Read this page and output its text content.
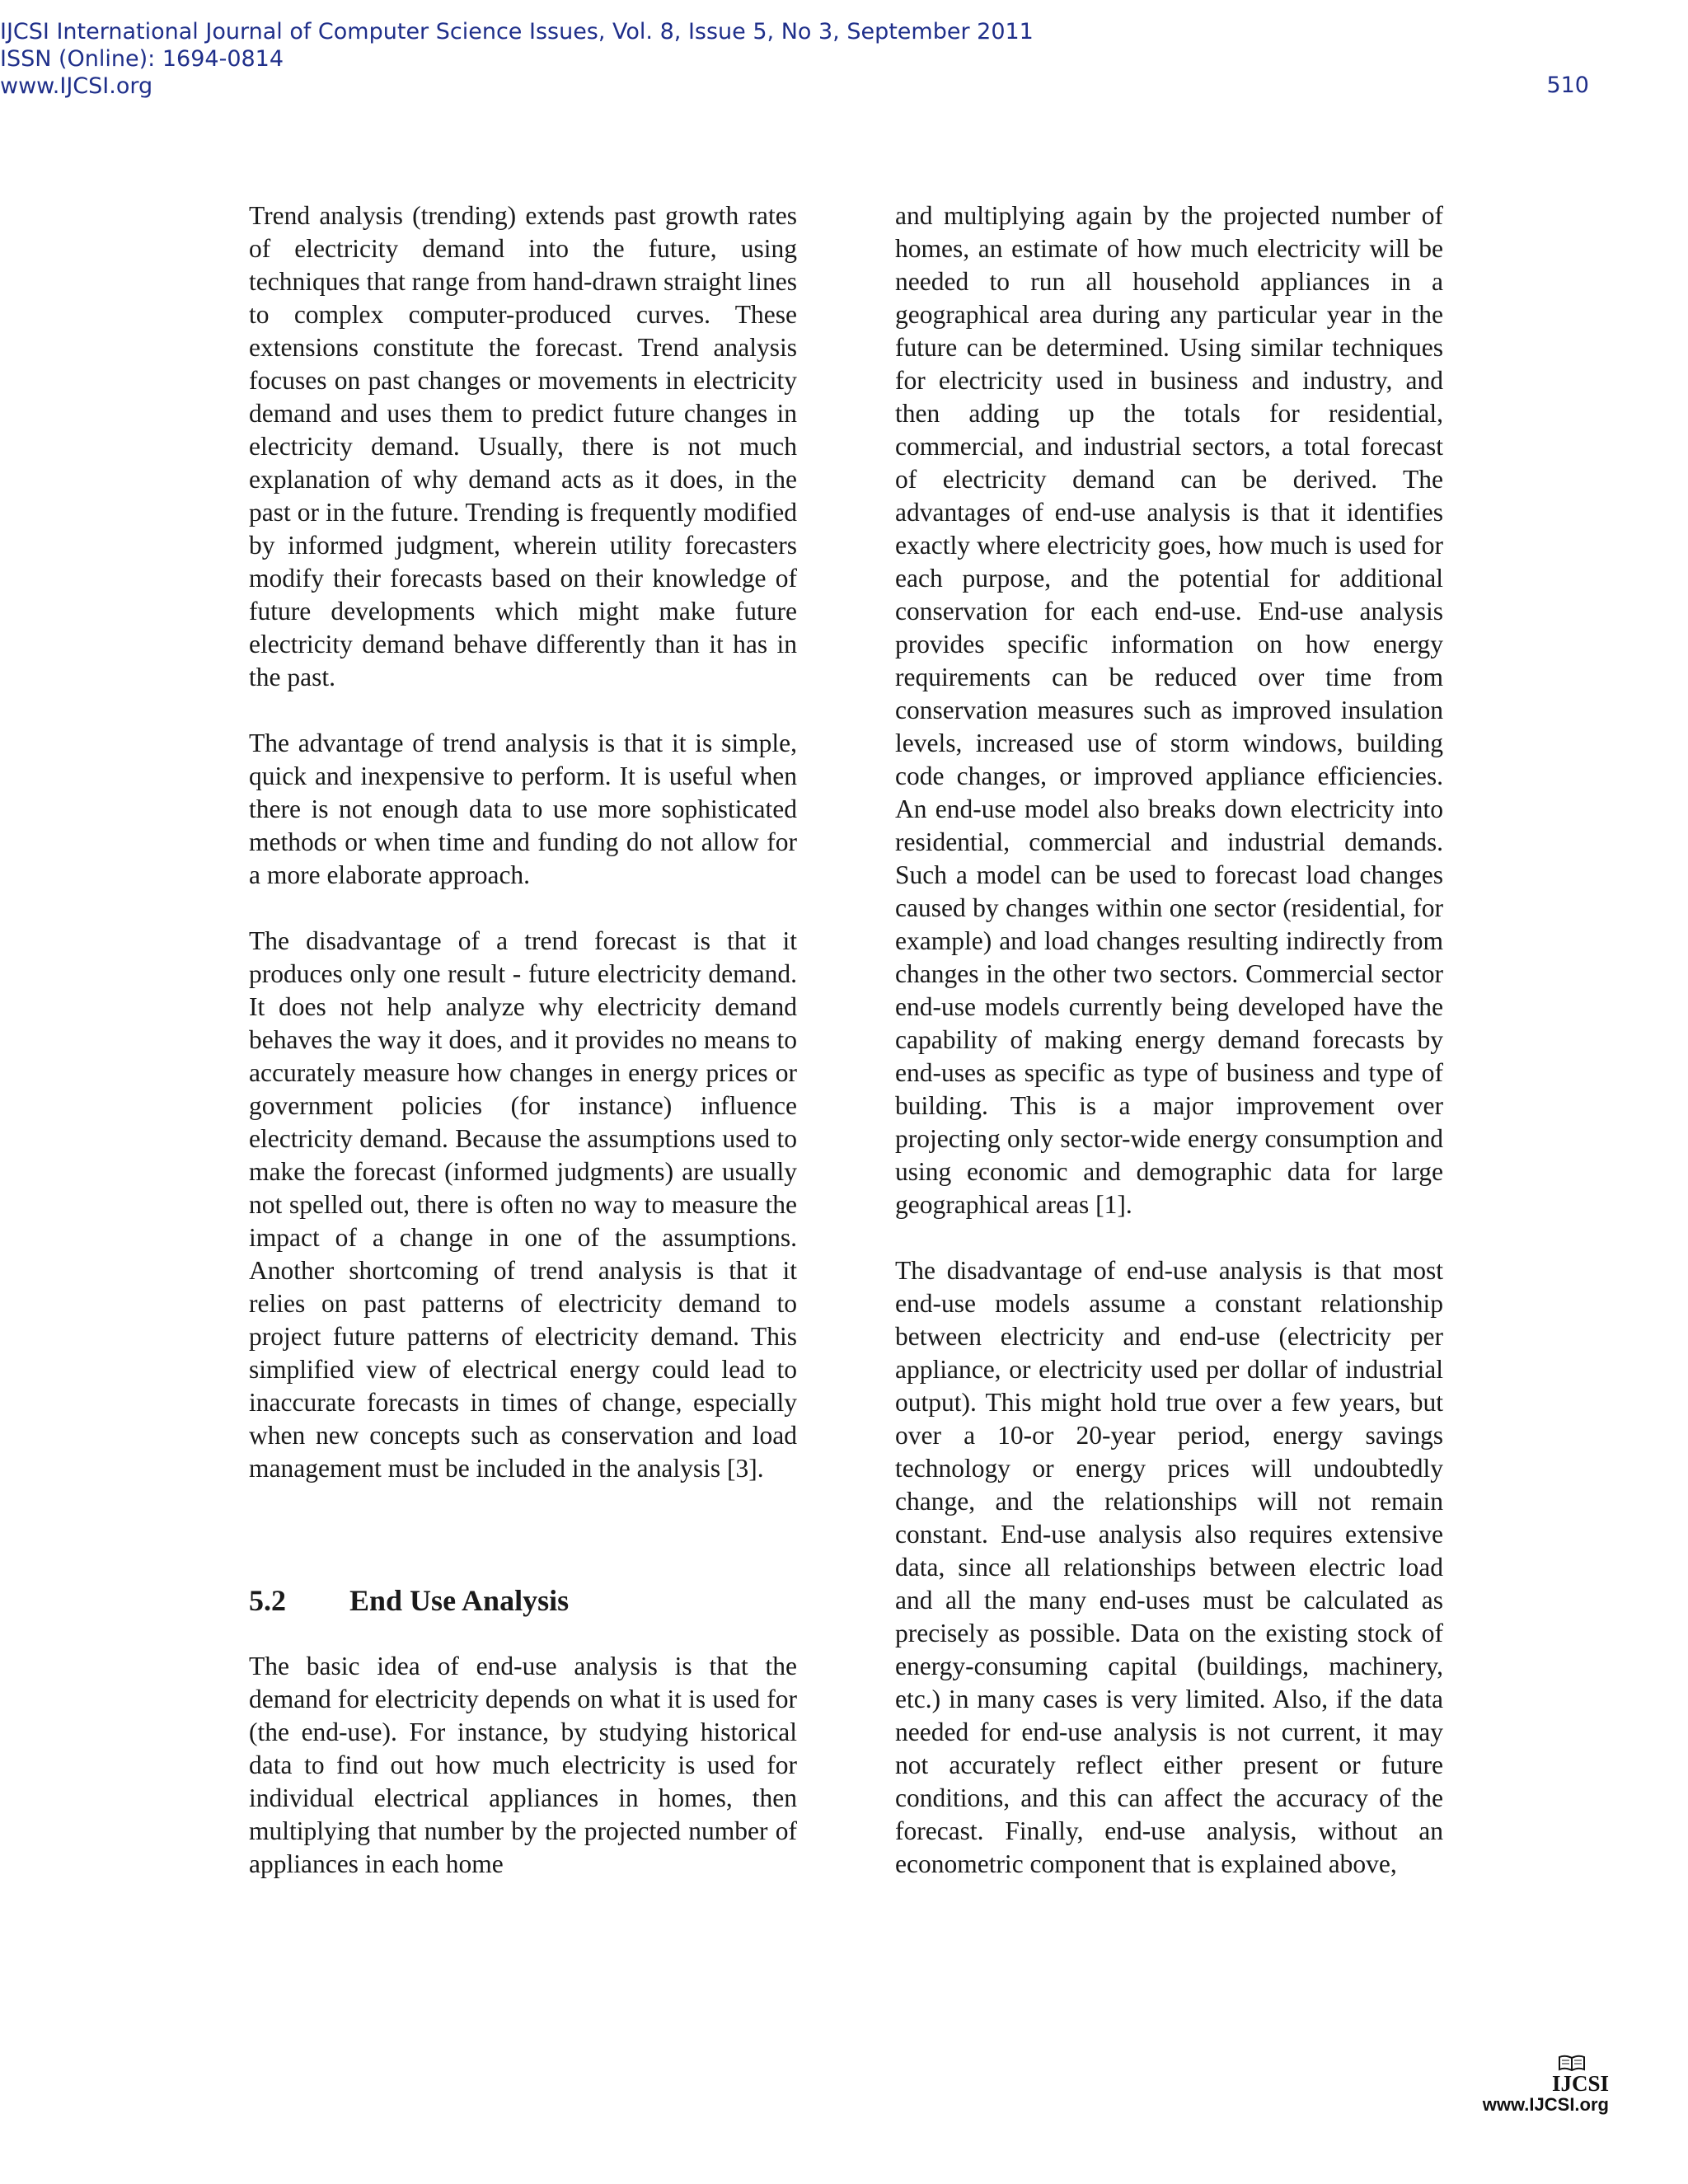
IJCSI International Journal of Computer Science Issues, Vol. 8, Issue 5, No 3, September 2011
ISSN (Online): 1694-0814
www.IJCSI.org	510

Trend analysis (trending) extends past growth rates of electricity demand into the future, using techniques that range from hand-drawn straight lines to complex computer-produced curves. These extensions constitute the forecast. Trend analysis focuses on past changes or movements in electricity demand and uses them to predict future changes in electricity demand. Usually, there is not much explanation of why demand acts as it does, in the past or in the future. Trending is frequently modified by informed judgment, wherein utility forecasters modify their forecasts based on their knowledge of future developments which might make future electricity demand behave differently than it has in the past.

The advantage of trend analysis is that it is simple, quick and inexpensive to perform. It is useful when there is not enough data to use more sophisticated methods or when time and funding do not allow for a more elaborate approach.

The disadvantage of a trend forecast is that it produces only one result - future electricity demand. It does not help analyze why electricity demand behaves the way it does, and it provides no means to accurately measure how changes in energy prices or government policies (for instance) influence electricity demand. Because the assumptions used to make the forecast (informed judgments) are usually not spelled out, there is often no way to measure the impact of a change in one of the assumptions. Another shortcoming of trend analysis is that it relies on past patterns of electricity demand to project future patterns of electricity demand. This simplified view of electrical energy could lead to inaccurate forecasts in times of change, especially when new concepts such as conservation and load management must be included in the analysis [3].

5.2 End Use Analysis

The basic idea of end-use analysis is that the demand for electricity depends on what it is used for (the end-use). For instance, by studying historical data to find out how much electricity is used for individual electrical appliances in homes, then multiplying that number by the projected number of appliances in each home

and multiplying again by the projected number of homes, an estimate of how much electricity will be needed to run all household appliances in a geographical area during any particular year in the future can be determined. Using similar techniques for electricity used in business and industry, and then adding up the totals for residential, commercial, and industrial sectors, a total forecast of electricity demand can be derived. The advantages of end-use analysis is that it identifies exactly where electricity goes, how much is used for each purpose, and the potential for additional conservation for each end-use. End-use analysis provides specific information on how energy requirements can be reduced over time from conservation measures such as improved insulation levels, increased use of storm windows, building code changes, or improved appliance efficiencies. An end-use model also breaks down electricity into residential, commercial and industrial demands. Such a model can be used to forecast load changes caused by changes within one sector (residential, for example) and load changes resulting indirectly from changes in the other two sectors. Commercial sector end-use models currently being developed have the capability of making energy demand forecasts by end-uses as specific as type of business and type of building. This is a major improvement over projecting only sector-wide energy consumption and using economic and demographic data for large geographical areas [1].

The disadvantage of end-use analysis is that most end-use models assume a constant relationship between electricity and end-use (electricity per appliance, or electricity used per dollar of industrial output). This might hold true over a few years, but over a 10-or 20-year period, energy savings technology or energy prices will undoubtedly change, and the relationships will not remain constant. End-use analysis also requires extensive data, since all relationships between electric load and all the many end-uses must be calculated as precisely as possible. Data on the existing stock of energy-consuming capital (buildings, machinery, etc.) in many cases is very limited. Also, if the data needed for end-use analysis is not current, it may not accurately reflect either present or future conditions, and this can affect the accuracy of the forecast. Finally, end-use analysis, without an econometric component that is explained above,

IJCSI
www.IJCSI.org
